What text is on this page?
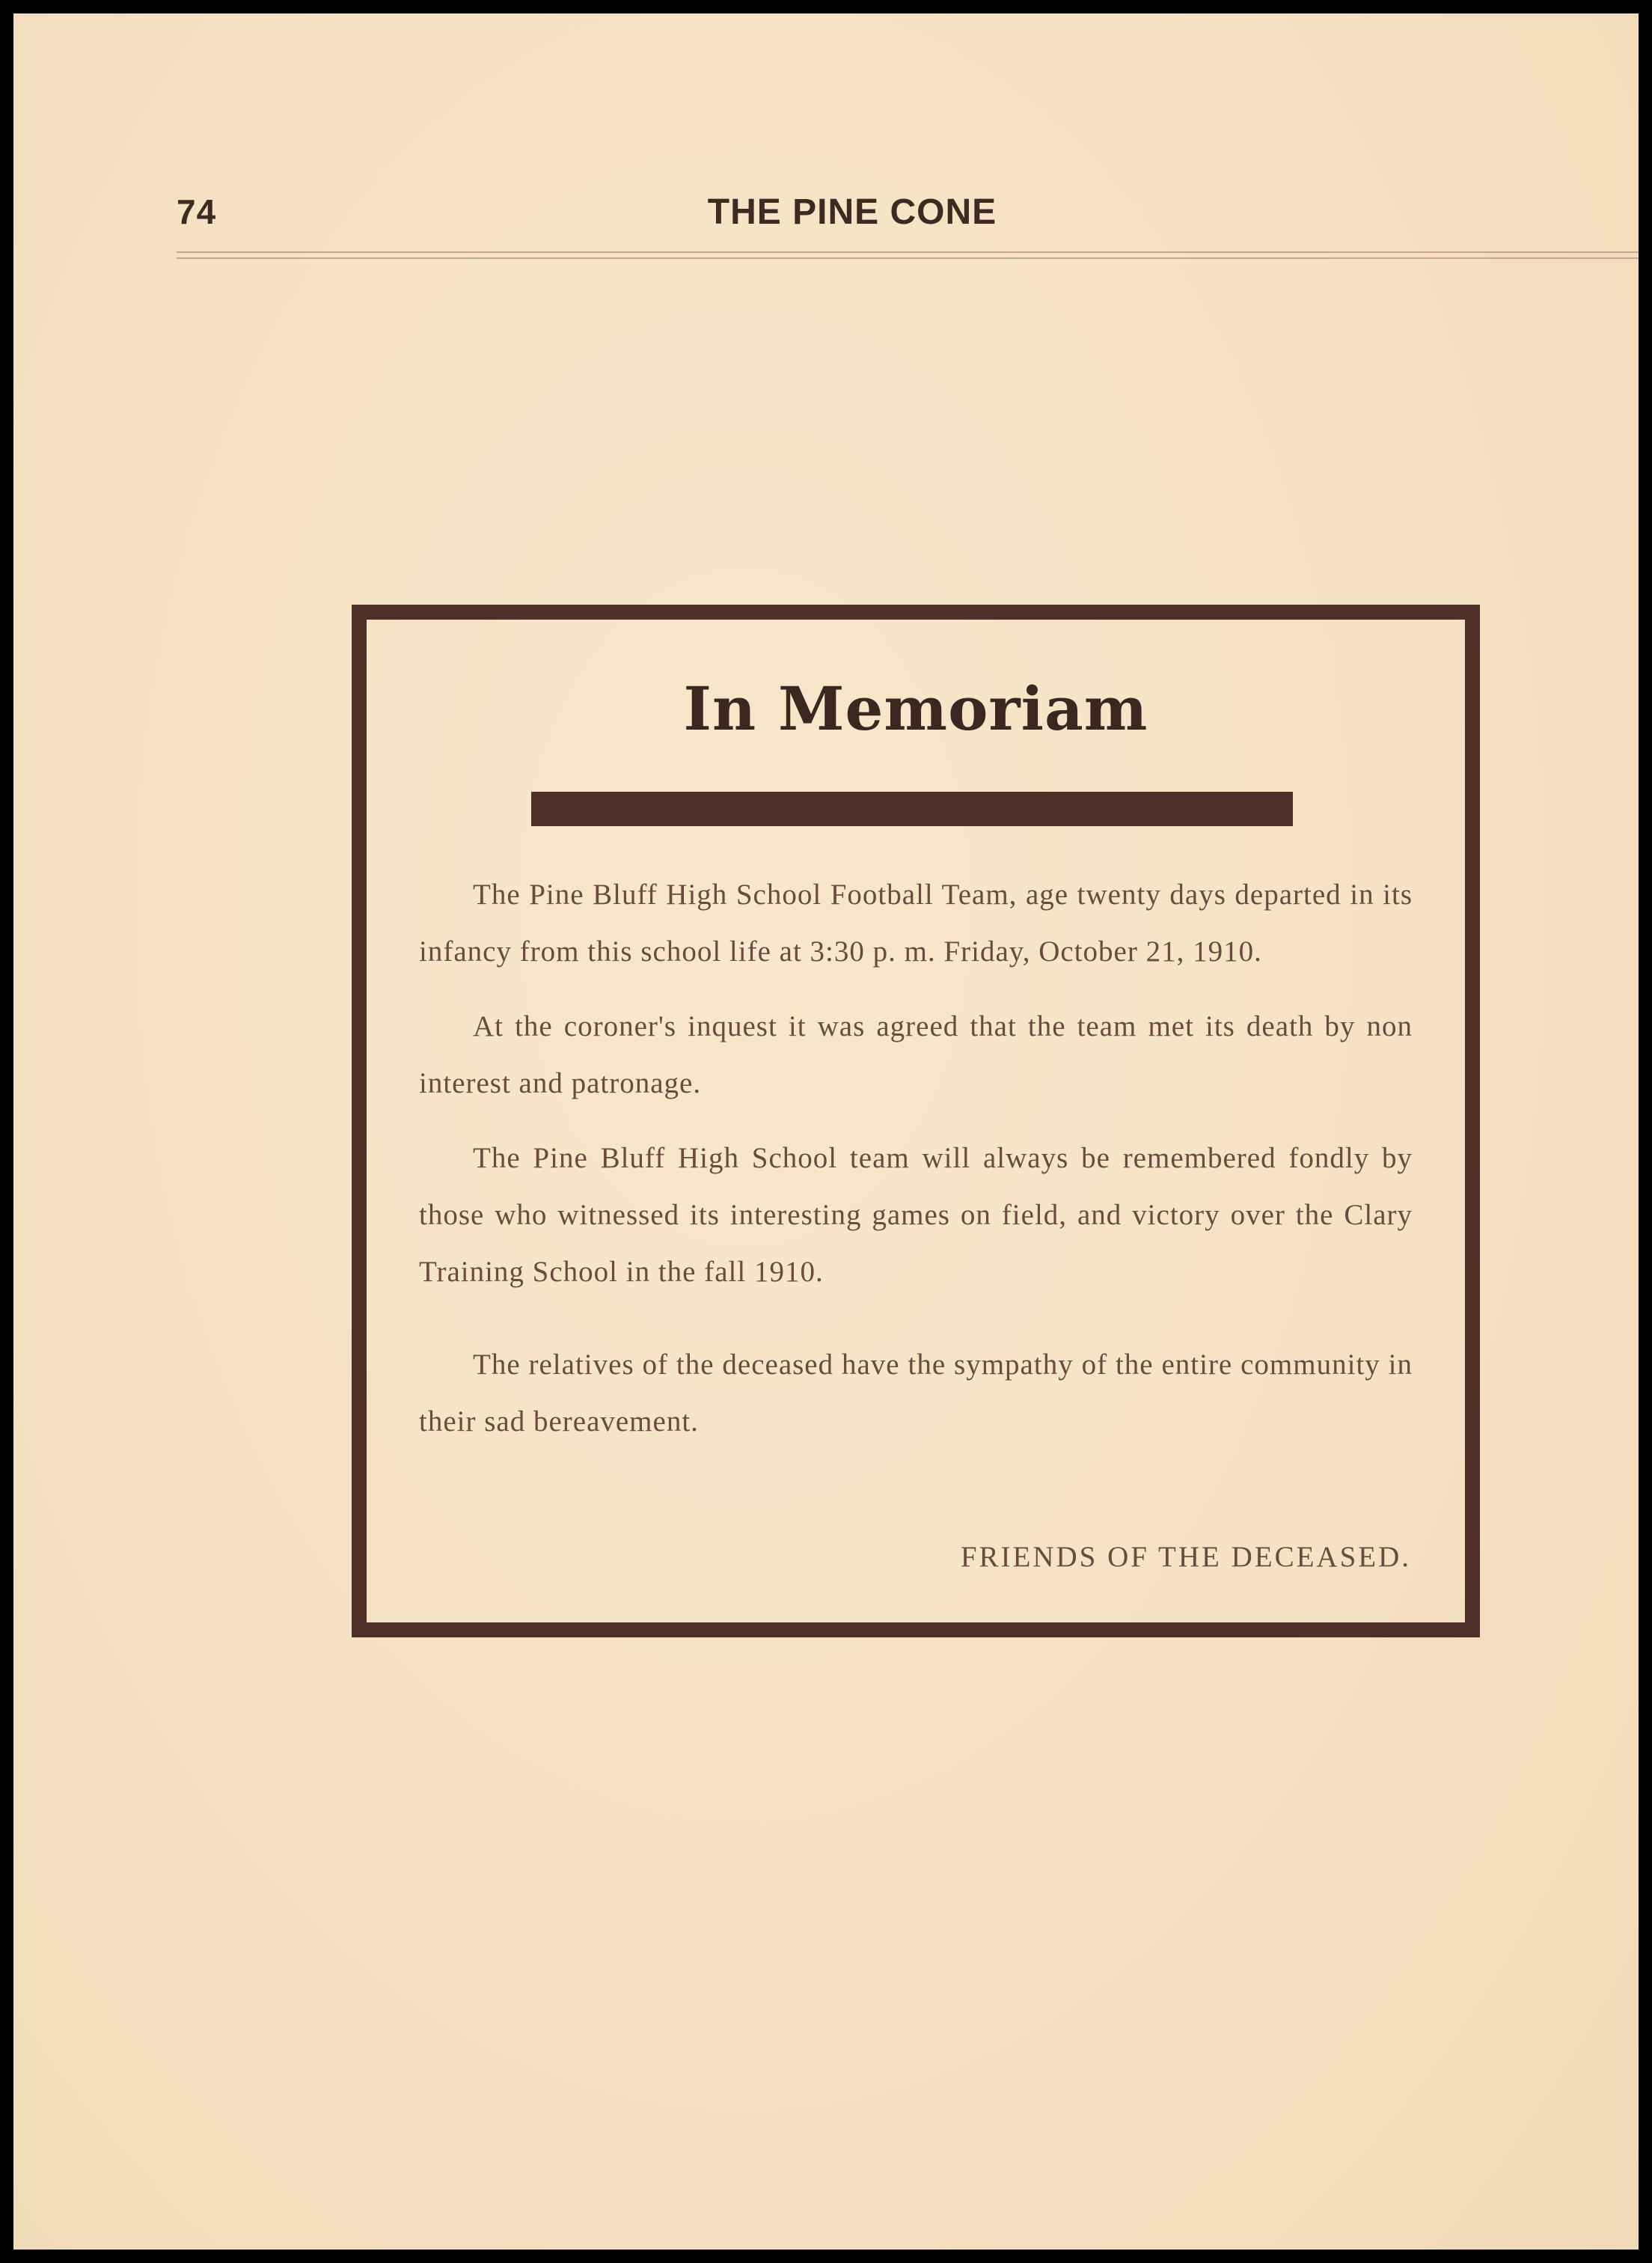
74	THE PINE CONE
In Memoriam

The Pine Bluff High School Football Team, age twenty days departed in its infancy from this school life at 3:30 p. m. Friday, October 21, 1910.

At the coroner's inquest it was agreed that the team met its death by non interest and patronage.

The Pine Bluff High School team will always be remembered fondly by those who witnessed its interesting games on field, and victory over the Clary Training School in the fall 1910.

The relatives of the deceased have the sympathy of the entire community in their sad bereavement.

FRIENDS OF THE DECEASED.
